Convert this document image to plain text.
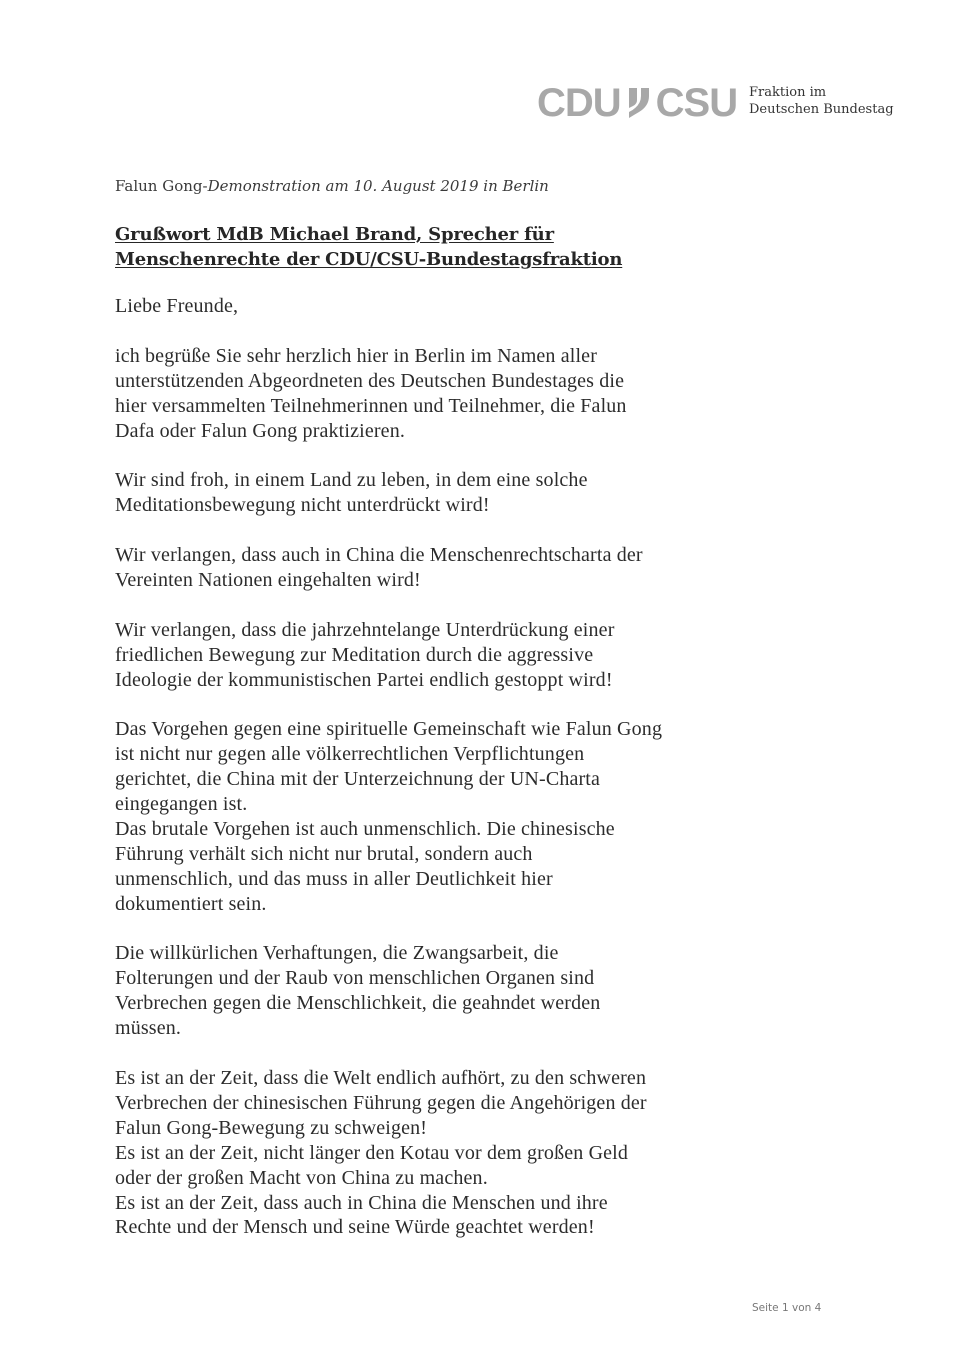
CDU CSU Fraktion im
Deutschen Bundestag
Falun Gong-Demonstration am 10. August 2019 in Berlin
Grußwort MdB Michael Brand, Sprecher für
Menschenrechte der CDU/CSU-Bundestagsfraktion
Liebe Freunde,
ich begrüße Sie sehr herzlich hier in Berlin im Namen aller
unterstützenden Abgeordneten des Deutschen Bundestages die
hier versammelten Teilnehmerinnen und Teilnehmer, die Falun
Dafa oder Falun Gong praktizieren.
Wir sind froh, in einem Land zu leben, in dem eine solche
Meditationsbewegung nicht unterdrückt wird!
Wir verlangen, dass auch in China die Menschenrechtscharta der
Vereinten Nationen eingehalten wird!
Wir verlangen, dass die jahrzehntelange Unterdrückung einer
friedlichen Bewegung zur Meditation durch die aggressive
Ideologie der kommunistischen Partei endlich gestoppt wird!
Das Vorgehen gegen eine spirituelle Gemeinschaft wie Falun Gong
ist nicht nur gegen alle völkerrechtlichen Verpflichtungen
gerichtet, die China mit der Unterzeichnung der UN-Charta
eingegangen ist.
Das brutale Vorgehen ist auch unmenschlich. Die chinesische
Führung verhält sich nicht nur brutal, sondern auch
unmenschlich, und das muss in aller Deutlichkeit hier
dokumentiert sein.
Die willkürlichen Verhaftungen, die Zwangsarbeit, die
Folterungen und der Raub von menschlichen Organen sind
Verbrechen gegen die Menschlichkeit, die geahndet werden
müssen.
Es ist an der Zeit, dass die Welt endlich aufhört, zu den schweren
Verbrechen der chinesischen Führung gegen die Angehörigen der
Falun Gong-Bewegung zu schweigen!
Es ist an der Zeit, nicht länger den Kotau vor dem großen Geld
oder der großen Macht von China zu machen.
Es ist an der Zeit, dass auch in China die Menschen und ihre
Rechte und der Mensch und seine Würde geachtet werden!
Seite 1 von 4
